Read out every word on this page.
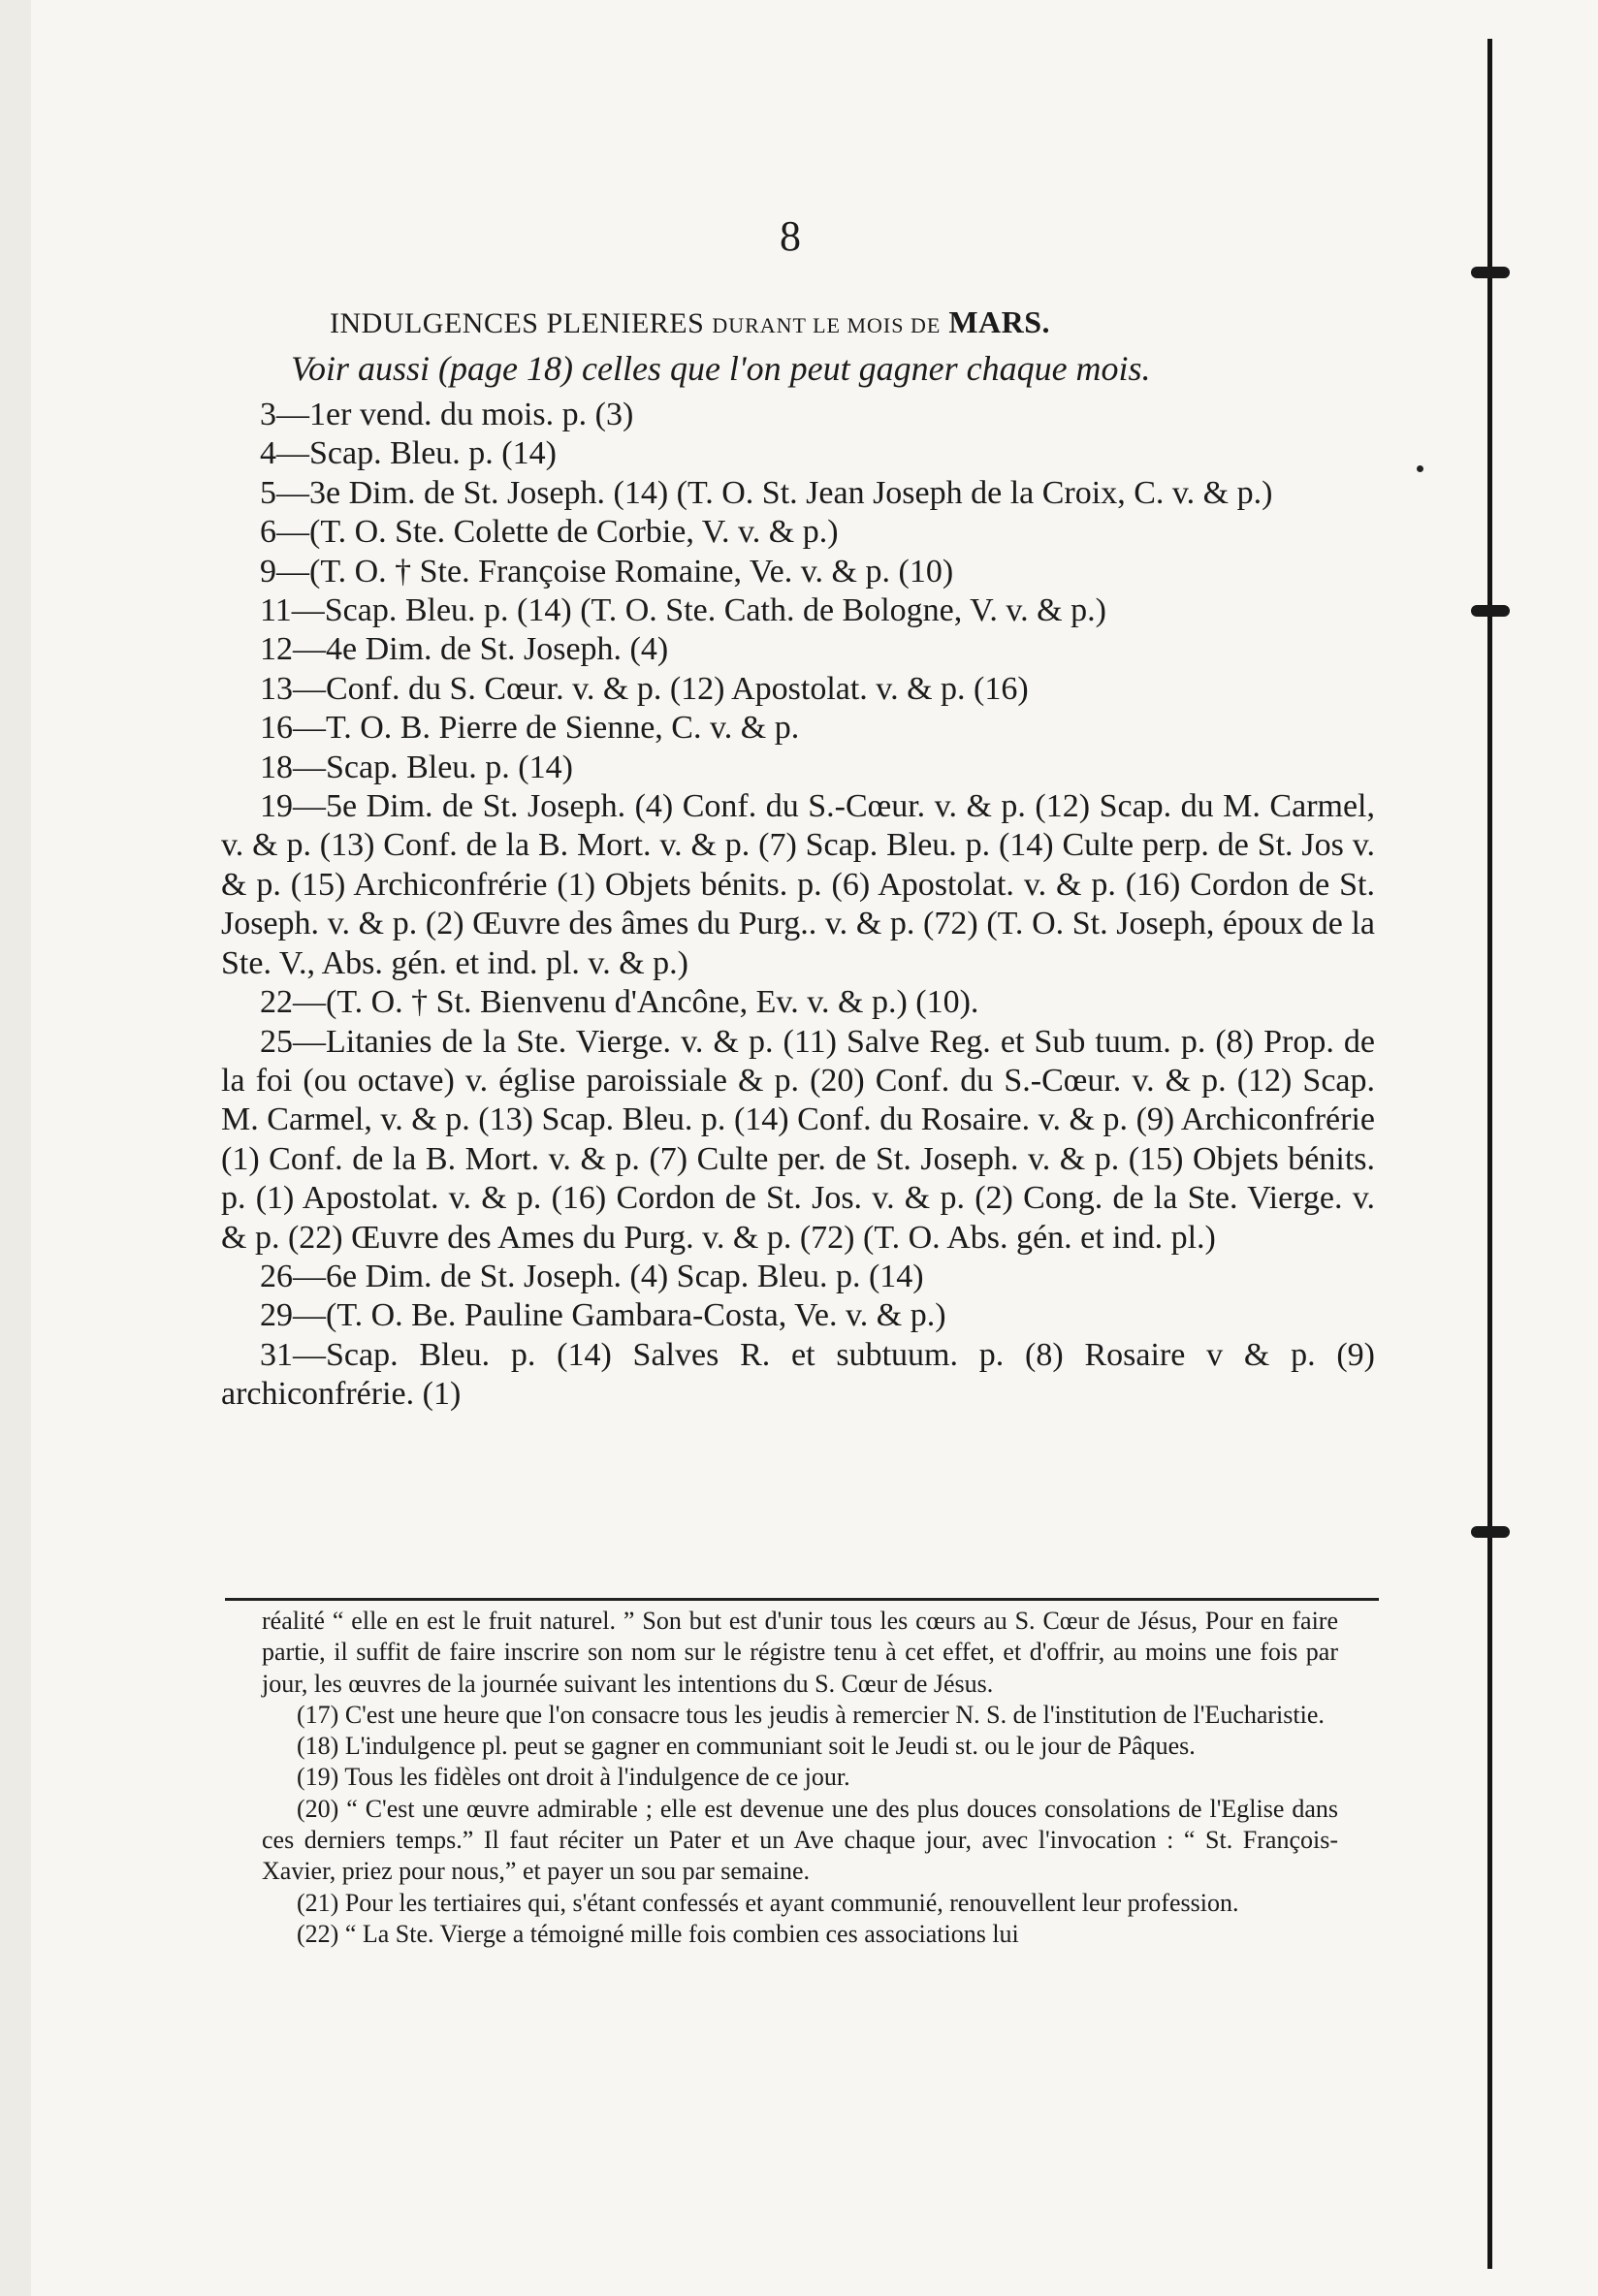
8
INDULGENCES PLENIERES DURANT LE MOIS DE MARS.
Voir aussi (page 18) celles que l'on peut gagner chaque mois.

3—1er vend. du mois. p. (3)

4—Scap. Bleu. p. (14)

5—3e Dim. de St. Joseph. (14) (T. O. St. Jean Joseph de la Croix, C. v. & p.)

6—(T. O. Ste. Colette de Corbie, V. v. & p.)

9—(T. O. † Ste. Françoise Romaine, Ve. v. & p. (10)

11—Scap. Bleu. p. (14) (T. O. Ste. Cath. de Bologne, V. v. & p.)

12—4e Dim. de St. Joseph. (4)

13—Conf. du S. Cœur. v. & p. (12) Apostolat. v. & p. (16)

16—T. O. B. Pierre de Sienne, C. v. & p.

18—Scap. Bleu. p. (14)

19—5e Dim. de St. Joseph. (4) Conf. du S.-Cœur. v. & p. (12) Scap. du M. Carmel, v. & p. (13) Conf. de la B. Mort. v. & p. (7) Scap. Bleu. p. (14) Culte perp. de St. Jos v. & p. (15) Archiconfrérie (1) Objets bénits. p. (6) Apostolat. v. & p. (16) Cordon de St. Joseph. v. & p. (2) Œuvre des âmes du Purg.. v. & p. (72) (T. O. St. Joseph, époux de la Ste. V., Abs. gén. et ind. pl. v. & p.)

22—(T. O. † St. Bienvenu d'Ancône, Ev. v. & p.) (10).

25—Litanies de la Ste. Vierge. v. & p. (11) Salve Reg. et Sub tuum. p. (8) Prop. de la foi (ou octave) v. église paroissiale & p. (20) Conf. du S.-Cœur. v. & p. (12) Scap. M. Carmel, v. & p. (13) Scap. Bleu. p. (14) Conf. du Rosaire. v. & p. (9) Archiconfrérie (1) Conf. de la B. Mort. v. & p. (7) Culte per. de St. Joseph. v. & p. (15) Objets bénits. p. (1) Apostolat. v. & p. (16) Cordon de St. Jos. v. & p. (2) Cong. de la Ste. Vierge. v. & p. (22) Œuvre des Ames du Purg. v. & p. (72) (T. O. Abs. gén. et ind. pl.)

26—6e Dim. de St. Joseph. (4) Scap. Bleu. p. (14)

29—(T. O. Be. Pauline Gambara-Costa, Ve. v. & p.)

31—Scap. Bleu. p. (14) Salves R. et subtuum. p. (8) Rosaire v & p. (9) archiconfrérie. (1)

réalité “ elle en est le fruit naturel. ” Son but est d'unir tous les cœurs au S. Cœur de Jésus, Pour en faire partie, il suffit de faire inscrire son nom sur le régistre tenu à cet effet, et d'offrir, au moins une fois par jour, les œuvres de la journée suivant les intentions du S. Cœur de Jésus.

(17) C'est une heure que l'on consacre tous les jeudis à remercier N. S. de l'institution de l'Eucharistie.

(18) L'indulgence pl. peut se gagner en communiant soit le Jeudi st. ou le jour de Pâques.

(19) Tous les fidèles ont droit à l'indulgence de ce jour.

(20) “ C'est une œuvre admirable ; elle est devenue une des plus douces consolations de l'Eglise dans ces derniers temps.” Il faut réciter un Pater et un Ave chaque jour, avec l'invocation : “ St. François-Xavier, priez pour nous,” et payer un sou par semaine.

(21) Pour les tertiaires qui, s'étant confessés et ayant communié, renouvellent leur profession.

(22) “ La Ste. Vierge a témoigné mille fois combien ces associations lui
